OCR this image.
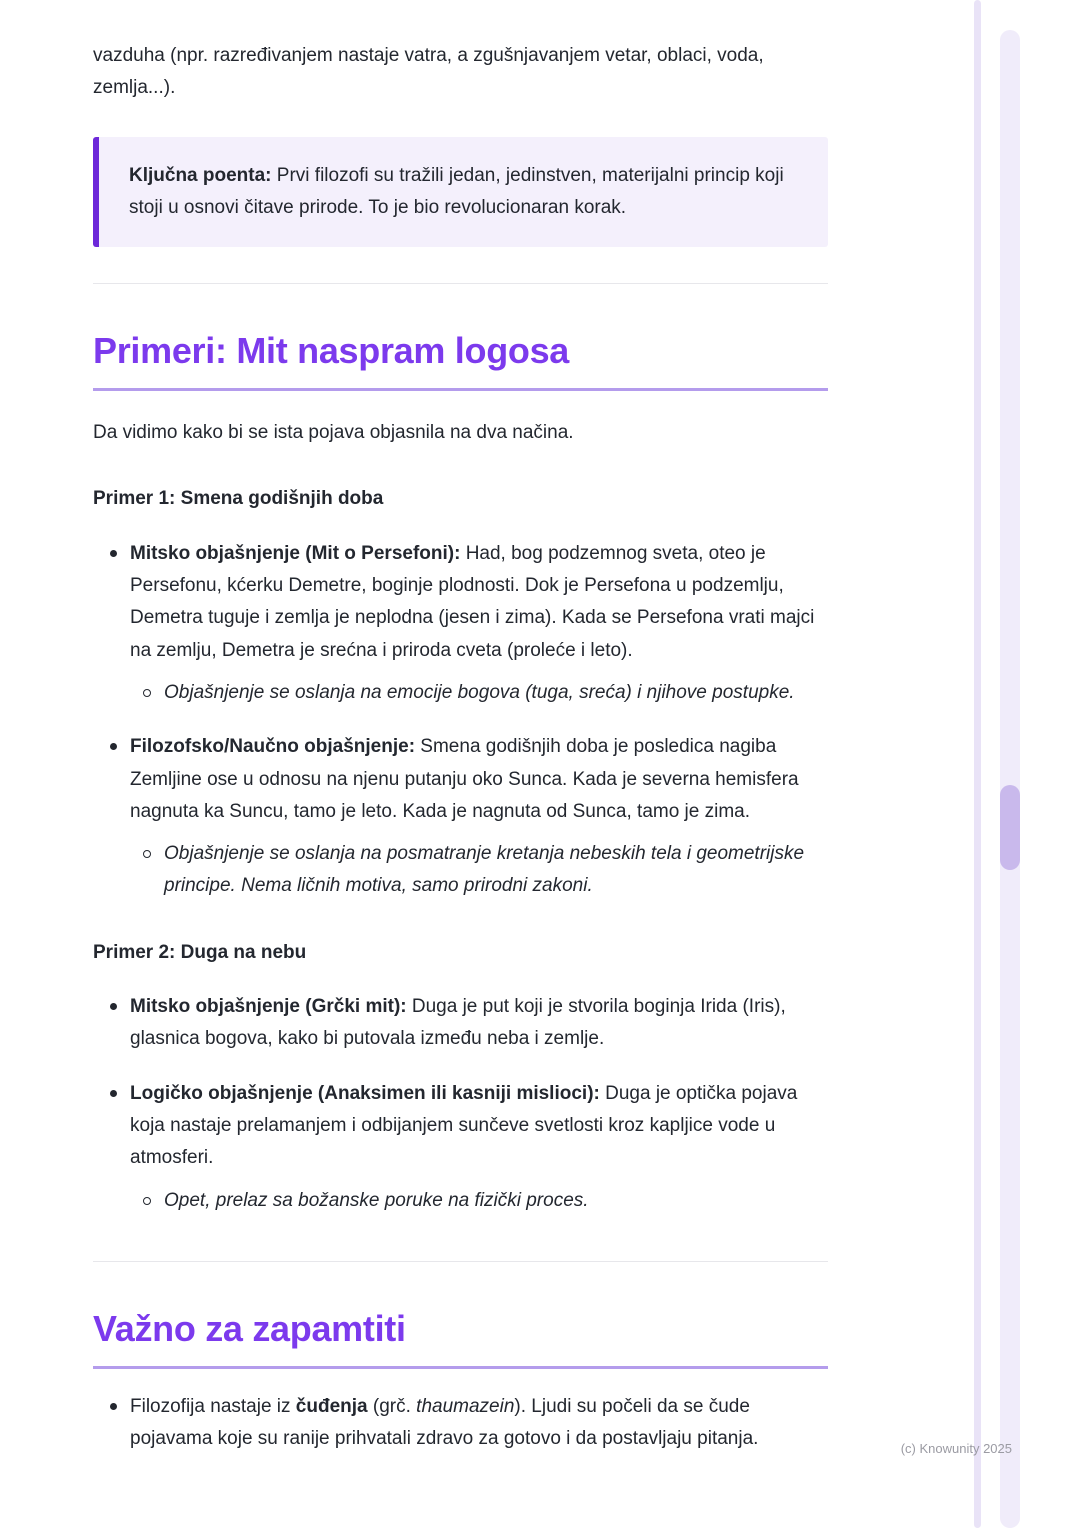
vazduha (npr. razređivanjem nastaje vatra, a zgušnjavanjem vetar, oblaci, voda, zemlja...).

Ključna poenta: Prvi filozofi su tražili jedan, jedinstven, materijalni princip koji stoji u osnovi čitave prirode. To je bio revolucionaran korak.

Primeri: Mit naspram logosa

Da vidimo kako bi se ista pojava objasnila na dva načina.

Primer 1: Smena godišnjih doba

Mitsko objašnjenje (Mit o Persefoni): Had, bog podzemnog sveta, oteo je Persefonu, kćerku Demetre, boginje plodnosti. Dok je Persefona u podzemlju, Demetra tuguje i zemlja je neplodna (jesen i zima). Kada se Persefona vrati majci na zemlju, Demetra je srećna i priroda cveta (proleće i leto).

Objašnjenje se oslanja na emocije bogova (tuga, sreća) i njihove postupke.

Filozofsko/Naučno objašnjenje: Smena godišnjih doba je posledica nagiba Zemljine ose u odnosu na njenu putanju oko Sunca. Kada je severna hemisfera nagnuta ka Suncu, tamo je leto. Kada je nagnuta od Sunca, tamo je zima.

Objašnjenje se oslanja na posmatranje kretanja nebeskih tela i geometrijske principe. Nema ličnih motiva, samo prirodni zakoni.

Primer 2: Duga na nebu

Mitsko objašnjenje (Grčki mit): Duga je put koji je stvorila boginja Irida (Iris), glasnica bogova, kako bi putovala između neba i zemlje.

Logičko objašnjenje (Anaksimen ili kasniji mislioci): Duga je optička pojava koja nastaje prelamanjem i odbijanjem sunčeve svetlosti kroz kapljice vode u atmosferi.

Opet, prelaz sa božanske poruke na fizički proces.

Važno za zapamtiti

Filozofija nastaje iz čuđenja (grč. thaumazein). Ljudi su počeli da se čude pojavama koje su ranije prihvatali zdravo za gotovo i da postavljaju pitanja.	(c) Knowunity 2025
